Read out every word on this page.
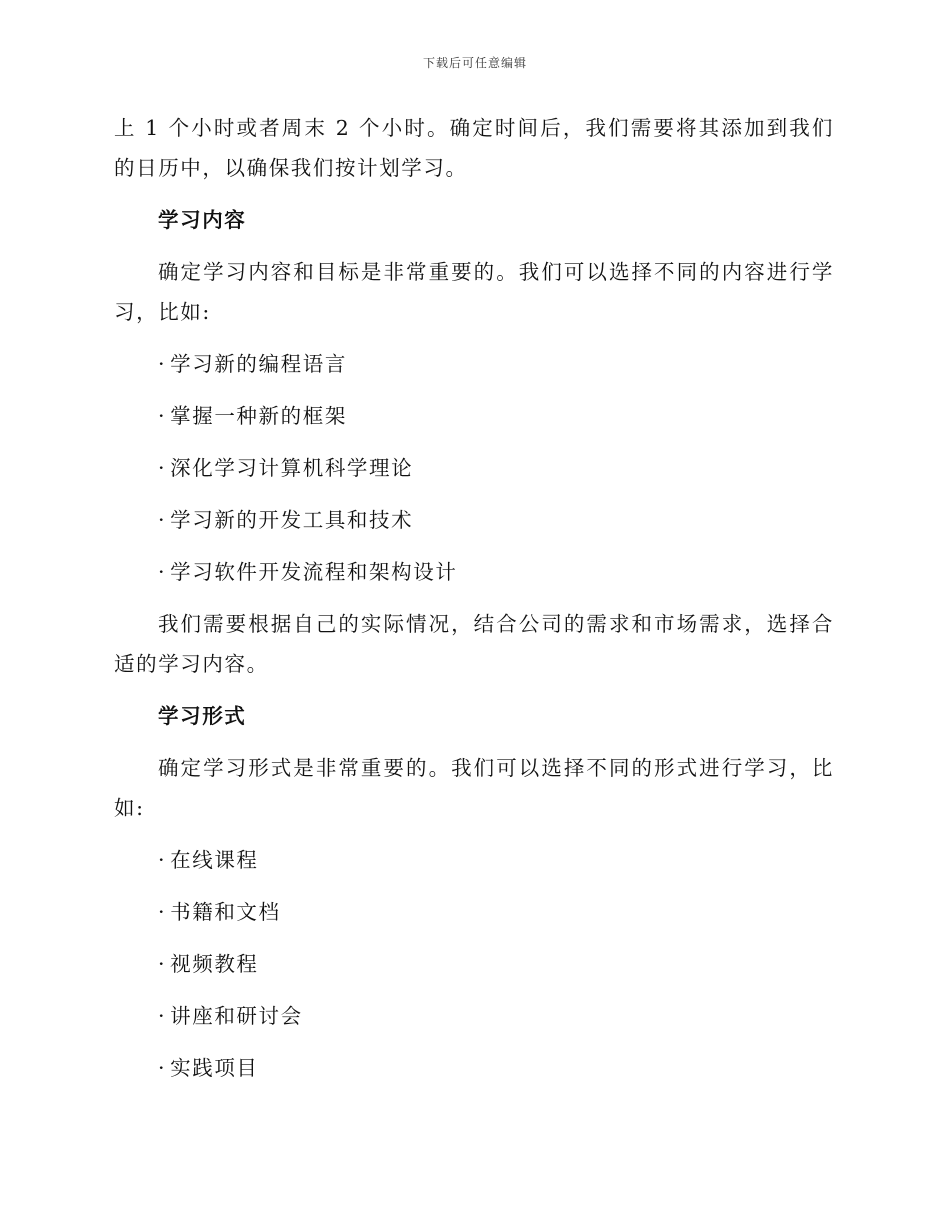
下载后可任意编辑

上 1 个小时或者周末 2 个小时。确定时间后，我们需要将其添加到我们的日历中，以确保我们按计划学习。

学习内容

确定学习内容和目标是非常重要的。我们可以选择不同的内容进行学习，比如:

· 学习新的编程语言
· 掌握一种新的框架
· 深化学习计算机科学理论
· 学习新的开发工具和技术
· 学习软件开发流程和架构设计

我们需要根据自己的实际情况，结合公司的需求和市场需求，选择合适的学习内容。

学习形式

确定学习形式是非常重要的。我们可以选择不同的形式进行学习，比如:

· 在线课程
· 书籍和文档
· 视频教程
· 讲座和研讨会
· 实践项目
